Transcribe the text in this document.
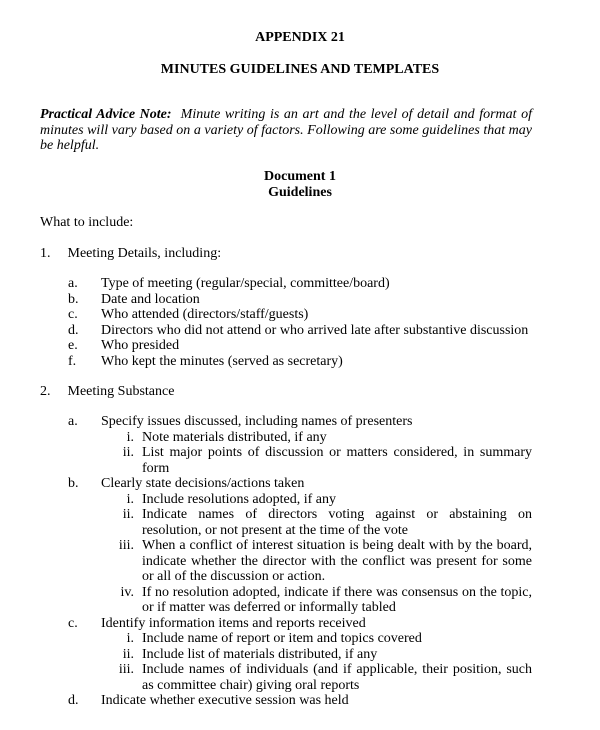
APPENDIX 21
MINUTES GUIDELINES AND TEMPLATES
Practical Advice Note: Minute writing is an art and the level of detail and format of minutes will vary based on a variety of factors. Following are some guidelines that may be helpful.
Document 1
Guidelines
What to include:
1. Meeting Details, including:
a.	Type of meeting (regular/special, committee/board)
b.	Date and location
c.	Who attended (directors/staff/guests)
d.	Directors who did not attend or who arrived late after substantive discussion
e.	Who presided
f.	Who kept the minutes (served as secretary)
2. Meeting Substance
a.	Specify issues discussed, including names of presenters
i. Note materials distributed, if any
ii. List major points of discussion or matters considered, in summary form
b.	Clearly state decisions/actions taken
i. Include resolutions adopted, if any
ii. Indicate names of directors voting against or abstaining on resolution, or not present at the time of the vote
iii. When a conflict of interest situation is being dealt with by the board, indicate whether the director with the conflict was present for some or all of the discussion or action.
iv. If no resolution adopted, indicate if there was consensus on the topic, or if matter was deferred or informally tabled
c.	Identify information items and reports received
i. Include name of report or item and topics covered
ii. Include list of materials distributed, if any
iii. Include names of individuals (and if applicable, their position, such as committee chair) giving oral reports
d.	Indicate whether executive session was held
